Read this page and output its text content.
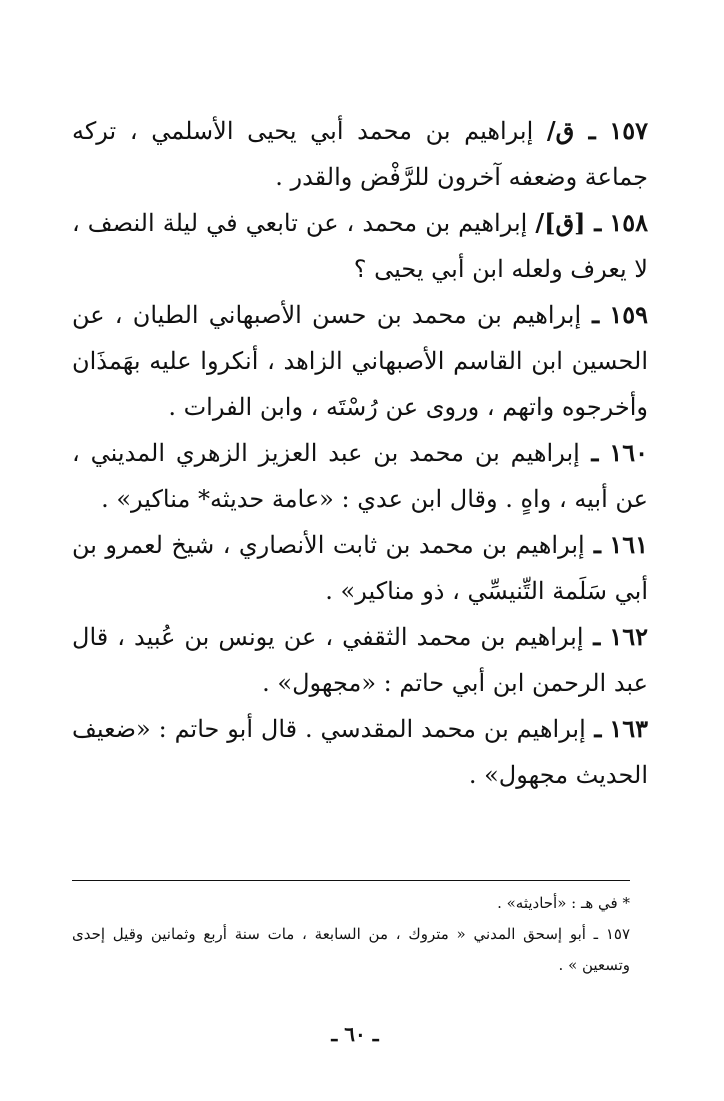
١٥٧ ـ ق/ إبراهيم بن محمد أبي يحيى الأسلمي ، تركه جماعة وضعفه آخرون للرَّفْض والقدر .

١٥٨ ـ [ق]/ إبراهيم بن محمد ، عن تابعي في ليلة النصف ، لا يعرف ولعله ابن أبي يحيى ؟

١٥٩ ـ إبراهيم بن محمد بن حسن الأصبهاني الطيان ، عن الحسين ابن القاسم الأصبهاني الزاهد ، أنكروا عليه بهَمذَان وأخرجوه واتهم ، وروى عن رُسْتَه ، وابن الفرات .

١٦٠ ـ إبراهيم بن محمد بن عبد العزيز الزهري المديني ، عن أبيه ، واهٍ . وقال ابن عدي : «عامة حديثه* مناكير» .

١٦١ ـ إبراهيم بن محمد بن ثابت الأنصاري ، شيخ لعمرو بن أبي سَلَمة التِّنيسِّي ، ذو مناكير» .

١٦٢ ـ إبراهيم بن محمد الثقفي ، عن يونس بن عُبيد ، قال عبد الرحمن ابن أبي حاتم : «مجهول» .

١٦٣ ـ إبراهيم بن محمد المقدسي . قال أبو حاتم : «ضعيف الحديث مجهول» .

* في هـ : «أحاديثه» .

١٥٧ ـ أبو إسحق المدني « متروك ، من السابعة ، مات سنة أربع وثمانين وقيل إحدى وتسعين » .

ـ ٦٠ ـ
